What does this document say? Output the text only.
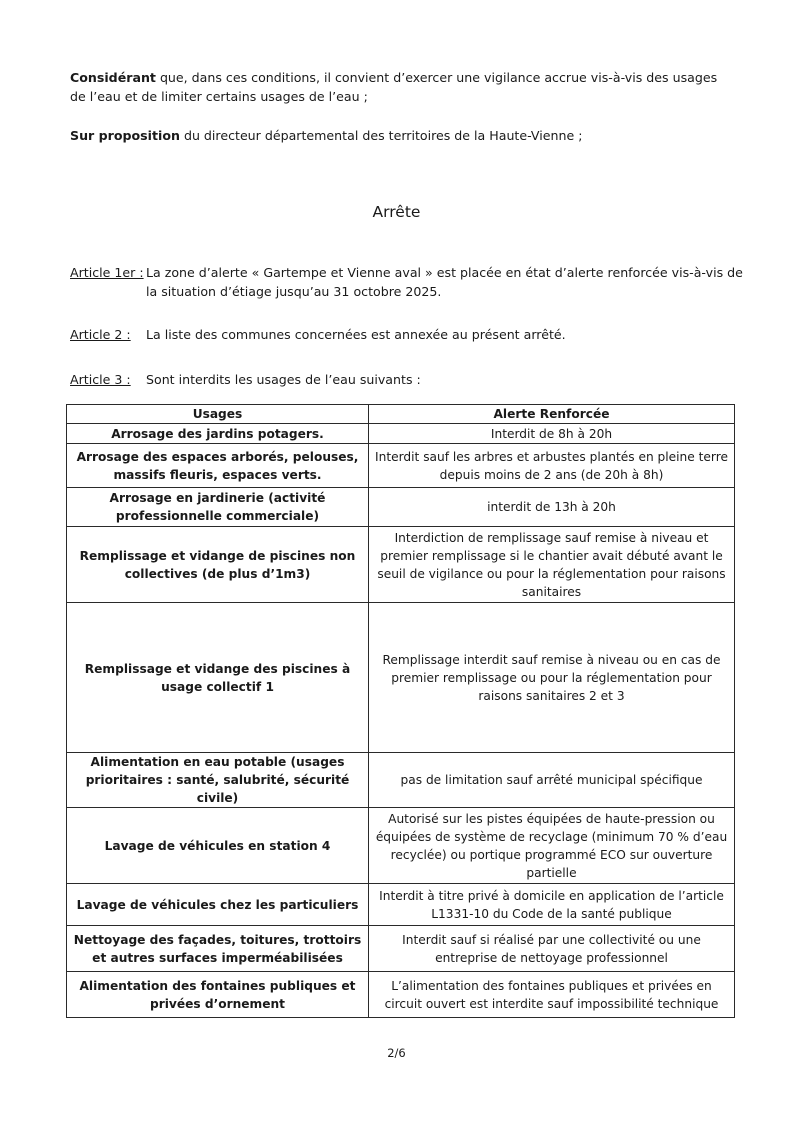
Considérant que, dans ces conditions, il convient d’exercer une vigilance accrue vis-à-vis des usages de l’eau et de limiter certains usages de l’eau ;
Sur proposition du directeur départemental des territoires de la Haute-Vienne ;
Arrête
Article 1er : La zone d’alerte « Gartempe et Vienne aval » est placée en état d’alerte renforcée vis-à-vis de la situation d’étiage jusqu’au 31 octobre 2025.
Article 2 : La liste des communes concernées est annexée au présent arrêté.
Article 3 : Sont interdits les usages de l’eau suivants :
Usages	Alerte Renforcée
Arrosage des jardins potagers.	Interdit de 8h à 20h
Arrosage des espaces arborés, pelouses, massifs fleuris, espaces verts.	Interdit sauf les arbres et arbustes plantés en pleine terre depuis moins de 2 ans (de 20h à 8h)
Arrosage en jardinerie (activité professionnelle commerciale)	interdit de 13h à 20h
Remplissage et vidange de piscines non collectives (de plus d’1m3)	Interdiction de remplissage sauf remise à niveau et premier remplissage si le chantier avait débuté avant le seuil de vigilance ou pour la réglementation pour raisons sanitaires
Remplissage et vidange des piscines à usage collectif 1	Remplissage interdit sauf remise à niveau ou en cas de premier remplissage ou pour la réglementation pour raisons sanitaires 2 et 3
Alimentation en eau potable (usages prioritaires : santé, salubrité, sécurité civile)	pas de limitation sauf arrêté municipal spécifique
Lavage de véhicules en station 4	Autorisé sur les pistes équipées de haute-pression ou équipées de système de recyclage (minimum 70 % d’eau recyclée) ou portique programmé ECO sur ouverture partielle
Lavage de véhicules chez les particuliers	Interdit à titre privé à domicile en application de l’article L1331-10 du Code de la santé publique
Nettoyage des façades, toitures, trottoirs et autres surfaces imperméabilisées	Interdit sauf si réalisé par une collectivité ou une entreprise de nettoyage professionnel
Alimentation des fontaines publiques et privées d’ornement	L’alimentation des fontaines publiques et privées en circuit ouvert est interdite sauf impossibilité technique
2/6
